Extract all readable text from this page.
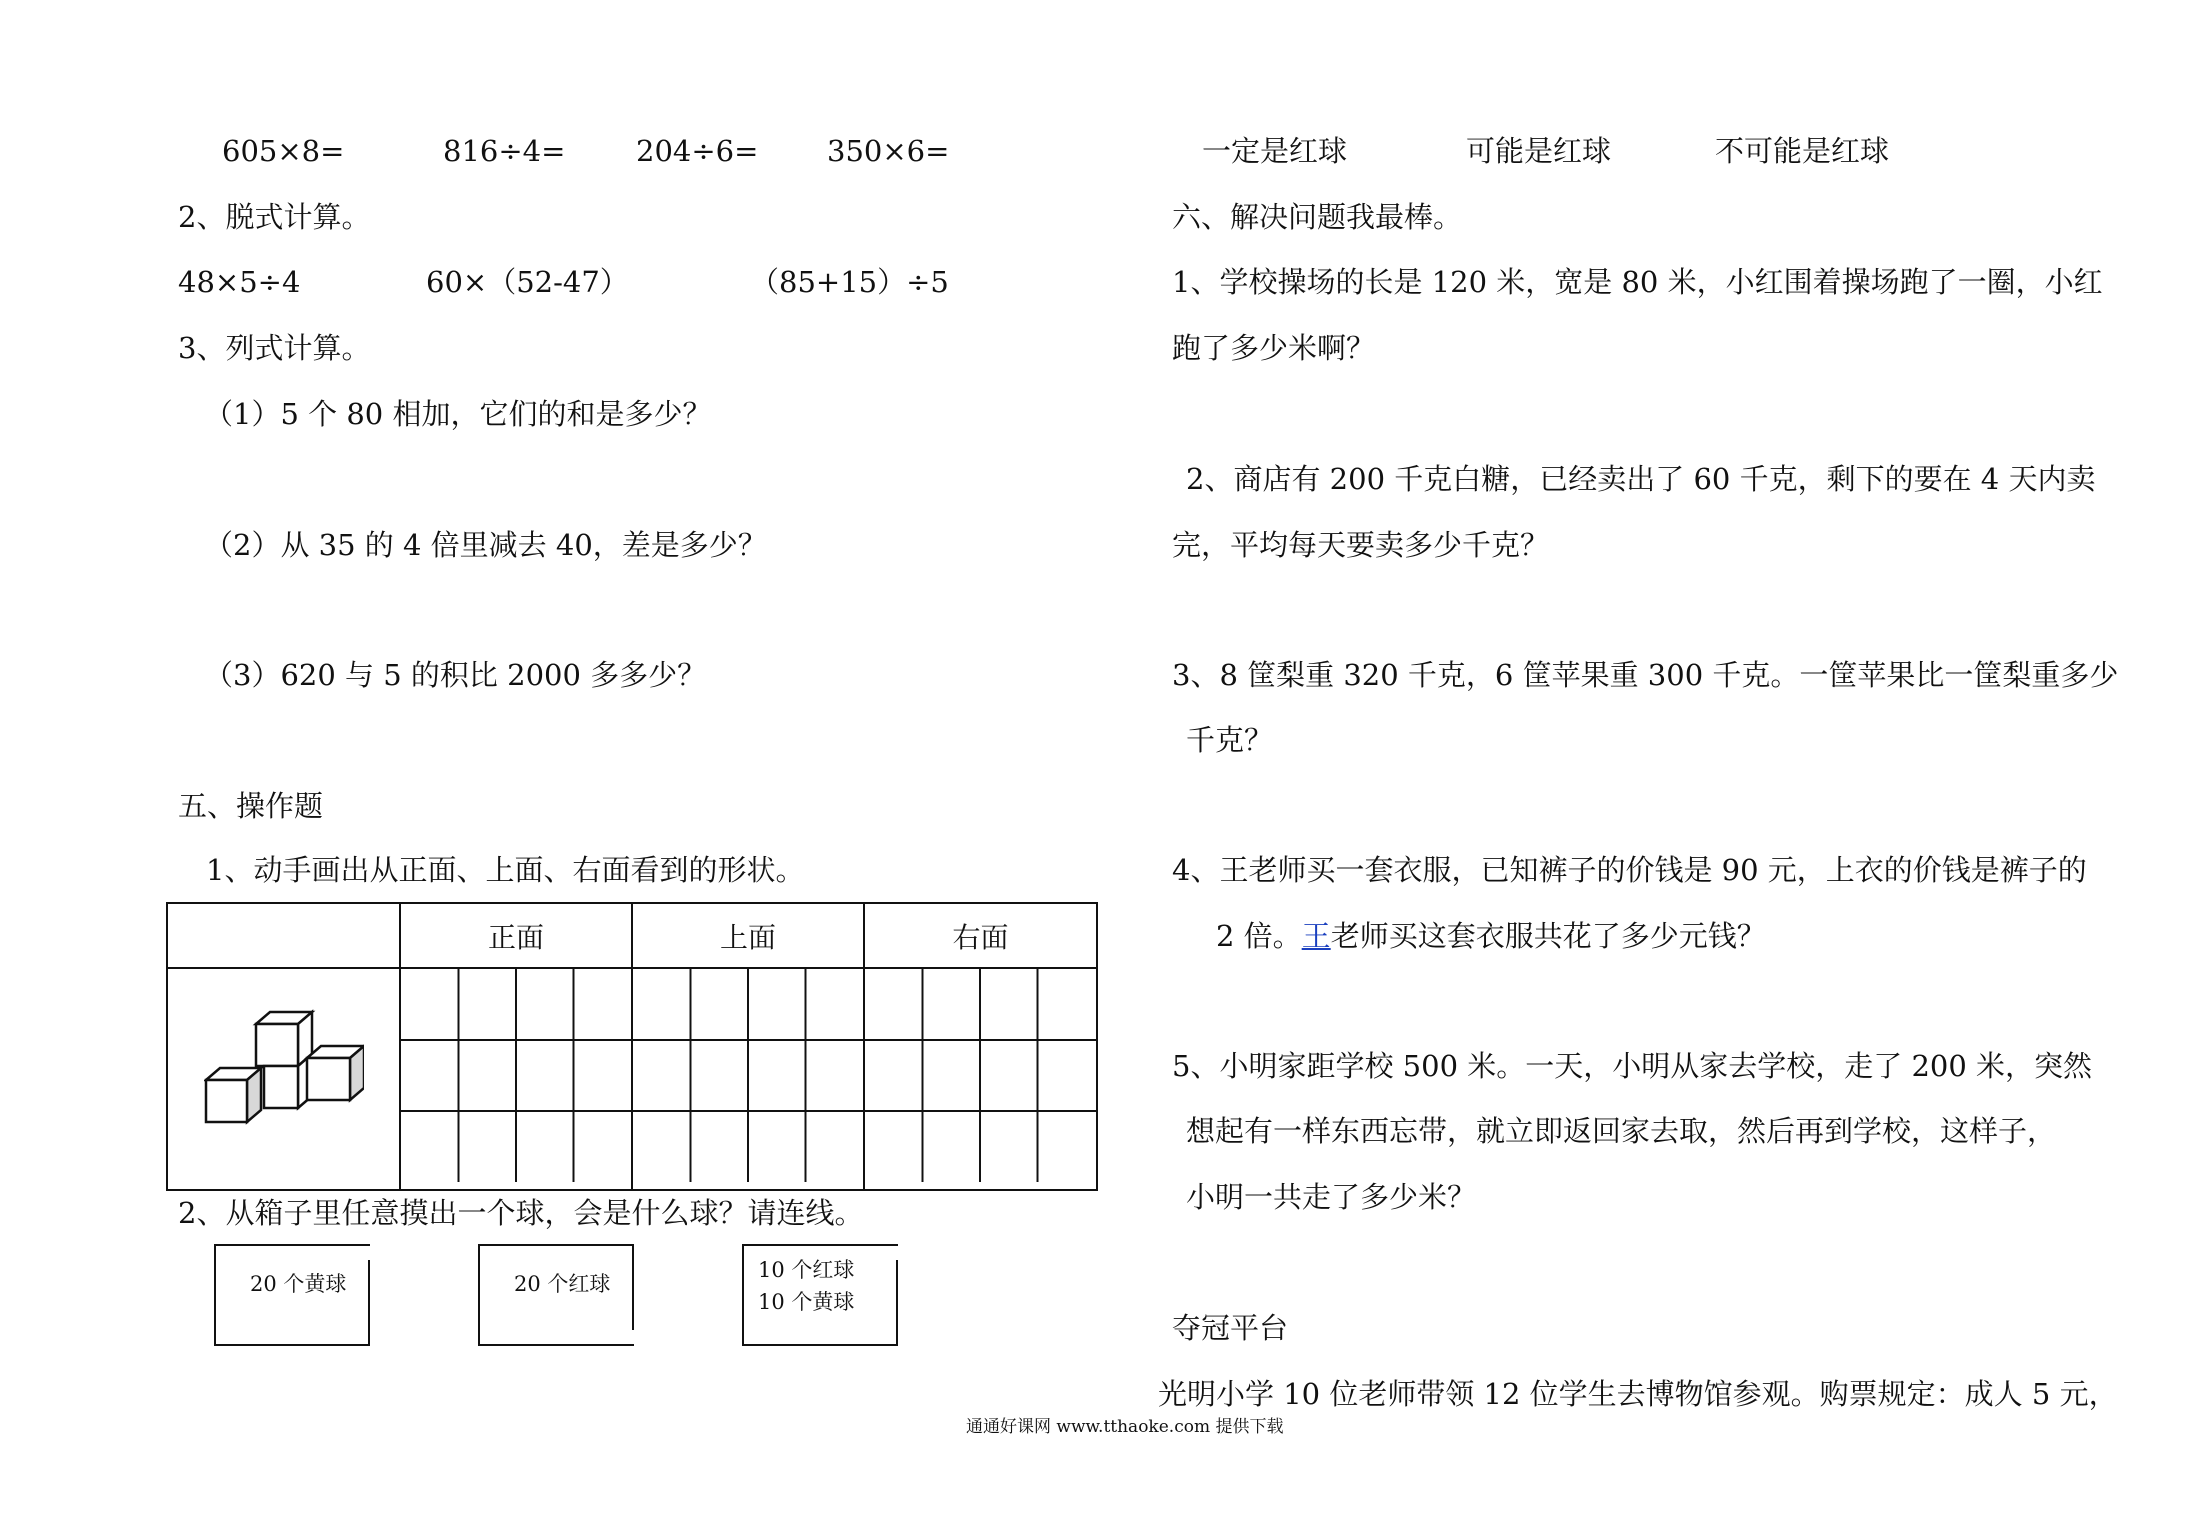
605×8=	816÷4= 204÷6= 350×6=
2、脱式计算。
48×5÷4	60×（52-47）	（85+15）÷5
3、列式计算。
（1）5 个 80 相加，它们的和是多少？
（2）从 35 的 4 倍里减去 40，差是多少？
（3）620 与 5 的积比 2000 多多少？
五、操作题
1、动手画出从正面、上面、右面看到的形状。
	正面	上面	右面

2、从箱子里任意摸出一个球，会是什么球？请连线。
20 个黄球	20 个红球
10 个红球
10 个黄球
一定是红球	可能是红球	不可能是红球
六、解决问题我最棒。
1、学校操场的长是 120 米，宽是 80 米，小红围着操场跑了一圈，小红
跑了多少米啊？
2、商店有 200 千克白糖，已经卖出了 60 千克，剩下的要在 4 天内卖
完，平均每天要卖多少千克？
3、8 筐梨重 320 千克，6 筐苹果重 300 千克。一筐苹果比一筐梨重多少
千克？
4、王老师买一套衣服，已知裤子的价钱是 90 元，上衣的价钱是裤子的
2 倍。王老师买这套衣服共花了多少元钱？
5、小明家距学校 500 米。一天，小明从家去学校，走了 200 米，突然
想起有一样东西忘带，就立即返回家去取，然后再到学校，这样子，
小明一共走了多少米？
夺冠平台
光明小学 10 位老师带领 12 位学生去博物馆参观。购票规定：成人 5 元，
通通好课网 www.tthaoke.com 提供下载
